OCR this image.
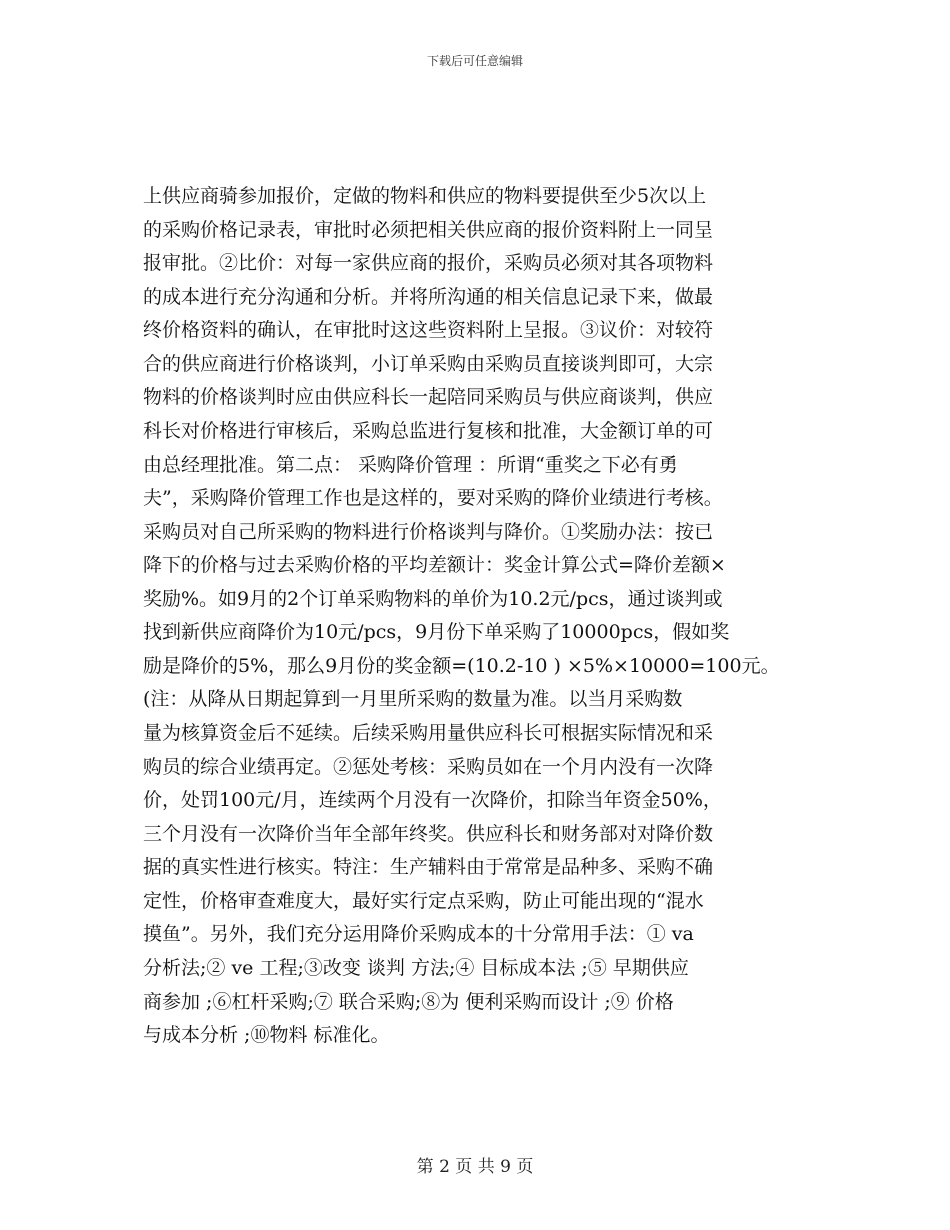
下载后可任意编辑
上供应商骑参加报价，定做的物料和供应的物料要提供至少5次以上
的采购价格记录表，审批时必须把相关供应商的报价资料附上一同呈
报审批。②比价：对每一家供应商的报价，采购员必须对其各项物料
的成本进行充分沟通和分析。并将所沟通的相关信息记录下来，做最
终价格资料的确认，在审批时这这些资料附上呈报。③议价：对较符
合的供应商进行价格谈判，小订单采购由采购员直接谈判即可，大宗
物料的价格谈判时应由供应科长一起陪同采购员与供应商谈判，供应
科长对价格进行审核后，采购总监进行复核和批准，大金额订单的可
由总经理批准。第二点： 采购降价管理 ：所谓“重奖之下必有勇
夫”，采购降价管理工作也是这样的，要对采购的降价业绩进行考核。
采购员对自己所采购的物料进行价格谈判与降价。①奖励办法：按已
降下的价格与过去采购价格的平均差额计：奖金计算公式=降价差额×
奖励%。如9月的2个订单采购物料的单价为10.2元/pcs，通过谈判或
找到新供应商降价为10元/pcs，9月份下单采购了10000pcs，假如奖
励是降价的5%，那么9月份的奖金额=(10.2-10 ) ×5%×10000=100元。
(注：从降从日期起算到一月里所采购的数量为准。以当月采购数
量为核算资金后不延续。后续采购用量供应科长可根据实际情况和采
购员的综合业绩再定。②惩处考核：采购员如在一个月内没有一次降
价，处罚100元/月，连续两个月没有一次降价，扣除当年资金50%，
三个月没有一次降价当年全部年终奖。供应科长和财务部对对降价数
据的真实性进行核实。特注：生产辅料由于常常是品种多、采购不确
定性，价格审查难度大，最好实行定点采购，防止可能出现的“混水
摸鱼”。另外，我们充分运用降价采购成本的十分常用手法：① va
分析法;② ve 工程;③改变 谈判 方法;④ 目标成本法 ;⑤ 早期供应
商参加 ;⑥杠杆采购;⑦ 联合采购;⑧为 便利采购而设计 ;⑨ 价格
与成本分析 ;⑩物料 标准化。
第 2 页 共 9 页
